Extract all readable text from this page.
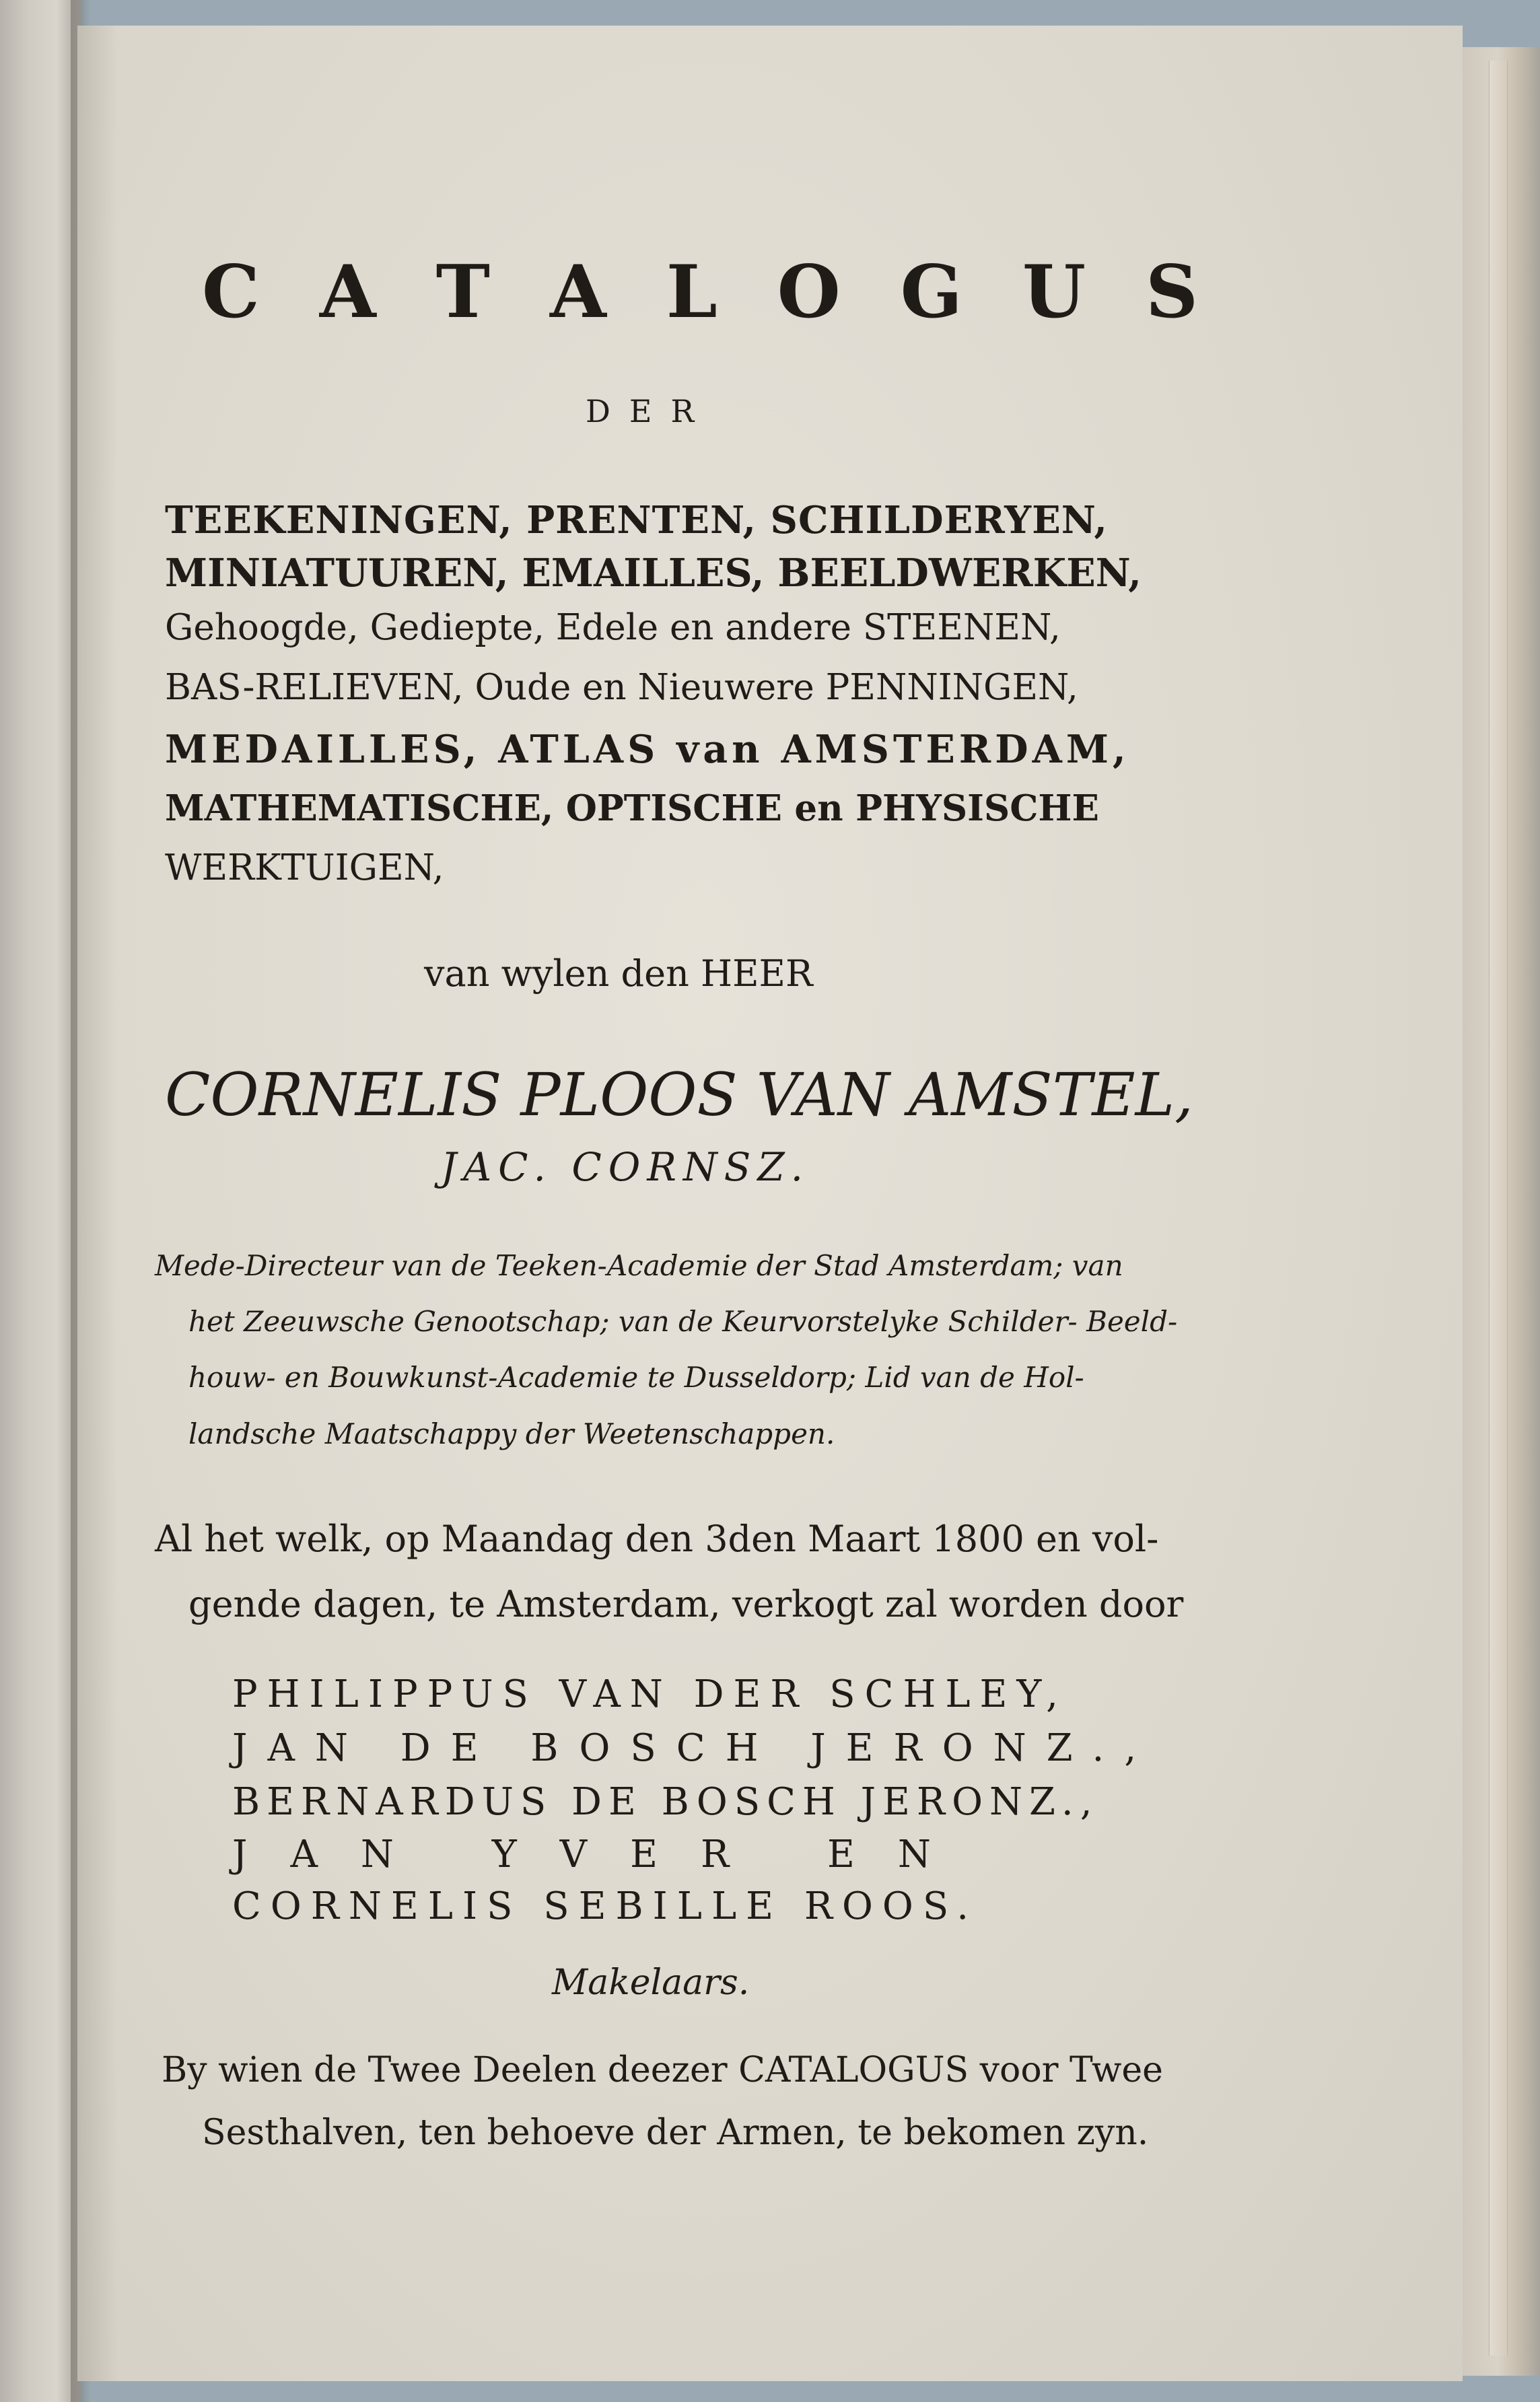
C A T A L O G U S
DER
TEEKENINGEN, PRENTEN, SCHILDERYEN,
MINIATUUREN, EMAILLES, BEELDWERKEN,
Gehoogde, Gediepte, Edele en andere STEENEN,
BAS-RELIEVEN, Oude en Nieuwere PENNINGEN,
MEDAILLES, ATLAS van AMSTERDAM,
MATHEMATISCHE, OPTISCHE en PHYSISCHE
WERKTUIGEN,
van wylen den HEER
CORNELIS PLOOS VAN AMSTEL,
JAC. CORNSZ.
Mede-Directeur van de Teeken-Academie der Stad Amsterdam; van
het Zeeuwsche Genootschap; van de Keurvorstelyke Schilder- Beeld-
houw- en Bouwkunst-Academie te Dusseldorp; Lid van de Hol-
landsche Maatschappy der Weetenschappen.
Al het welk, op Maandag den 3den Maart 1800 en vol-
gende dagen, te Amsterdam, verkogt zal worden door
PHILIPPUS VAN DER SCHLEY,
JAN DE BOSCH JERONZ.,
BERNARDUS DE BOSCH JERONZ.,
JAN YVER EN
CORNELIS SEBILLE ROOS.
Makelaars.
By wien de Twee Deelen deezer CATALOGUS voor Twee
Sesthalven, ten behoeve der Armen, te bekomen zyn.
